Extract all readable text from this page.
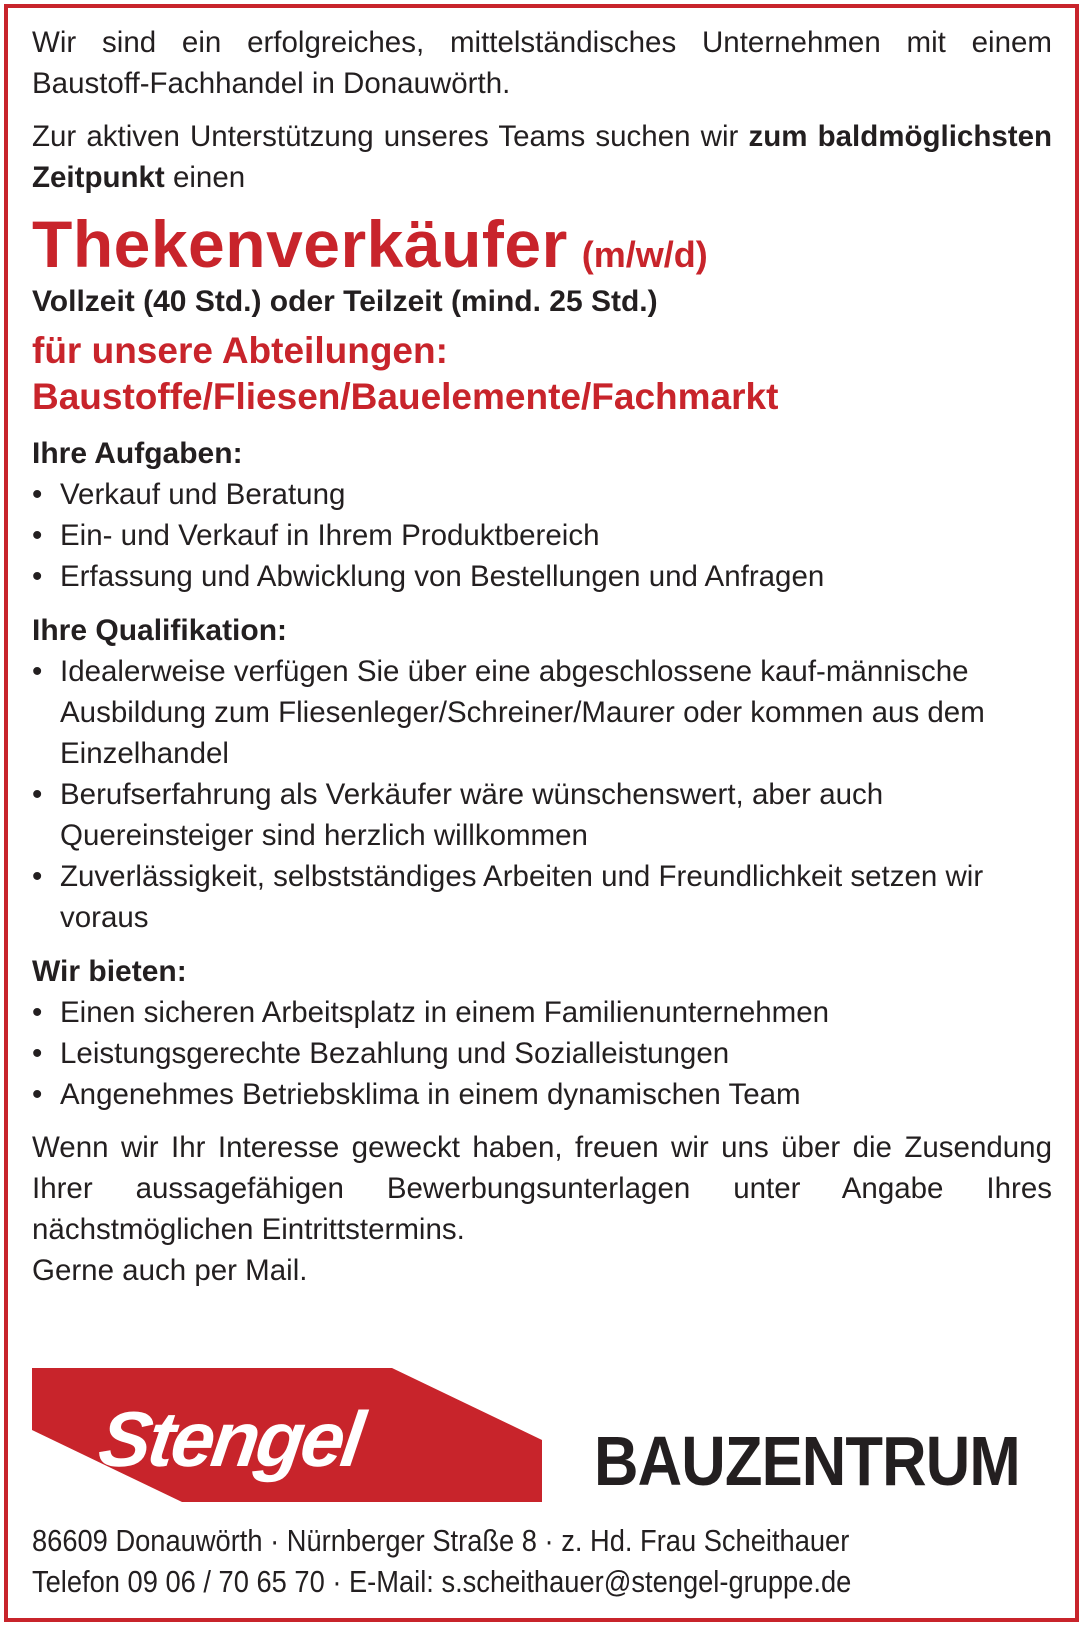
Wir sind ein erfolgreiches, mittelständisches Unternehmen mit einem Baustoff-Fachhandel in Donauwörth.

Zur aktiven Unterstützung unseres Teams suchen wir zum baldmöglichsten Zeitpunkt einen

Thekenverkäufer (m/w/d)
Vollzeit (40 Std.) oder Teilzeit (mind. 25 Std.)
für unsere Abteilungen:
Baustoffe/Fliesen/Bauelemente/Fachmarkt
Ihre Aufgaben:
• Verkauf und Beratung
• Ein- und Verkauf in Ihrem Produktbereich
• Erfassung und Abwicklung von Bestellungen und Anfragen
Ihre Qualifikation:
• Idealerweise verfügen Sie über eine abgeschlossene kauf-männische Ausbildung zum Fliesenleger/Schreiner/Maurer oder kommen aus dem Einzelhandel
• Berufserfahrung als Verkäufer wäre wünschenswert, aber auch Quereinsteiger sind herzlich willkommen
• Zuverlässigkeit, selbstständiges Arbeiten und Freundlichkeit setzen wir voraus
Wir bieten:
• Einen sicheren Arbeitsplatz in einem Familienunternehmen
• Leistungsgerechte Bezahlung und Sozialleistungen
• Angenehmes Betriebsklima in einem dynamischen Team

Wenn wir Ihr Interesse geweckt haben, freuen wir uns über die Zusendung Ihrer aussagefähigen Bewerbungsunterlagen unter Angabe Ihres nächstmöglichen Eintrittstermins.

Gerne auch per Mail.

Stengel	BAUZENTRUM
86609 Donauwörth · Nürnberger Straße 8 · z. Hd. Frau Scheithauer
Telefon 09 06 / 70 65 70 · E-Mail: s.scheithauer@stengel-gruppe.de
